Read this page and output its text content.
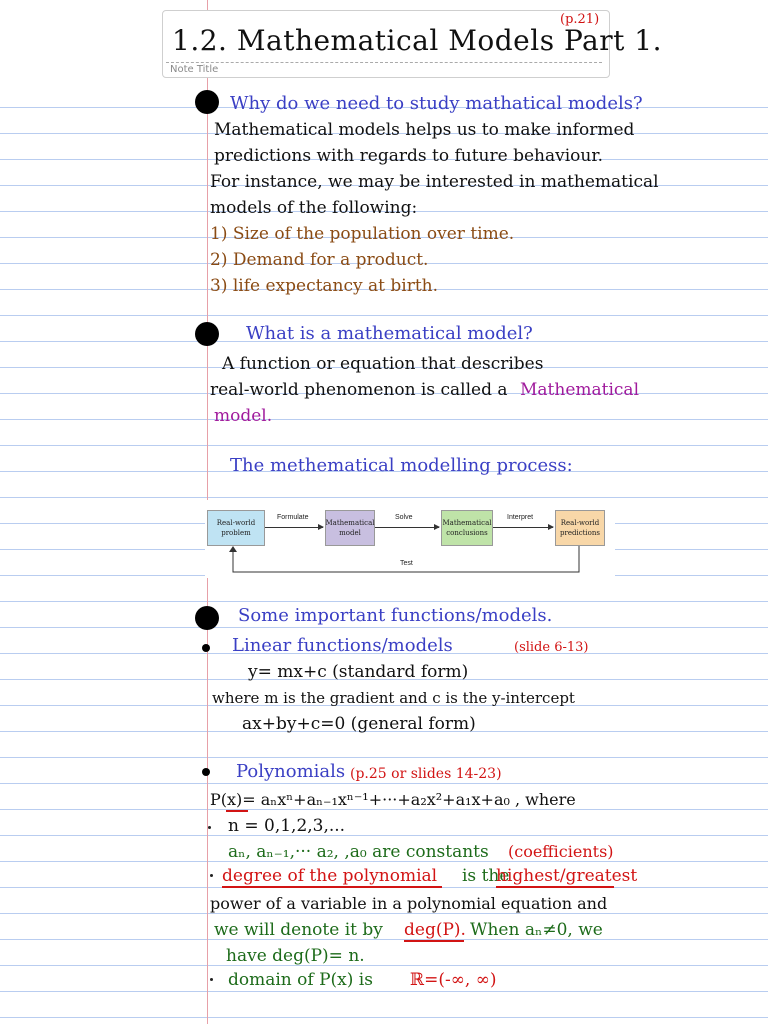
1.2. Mathematical Models Part 1.
(p.21)
Note Title
Why do we need to study mathatical models?
Mathematical models helps us to make informed
predictions with regards to future behaviour.
For instance, we may be interested in mathematical
models of the following:
1) Size of the population over time.
2) Demand for a product.
3) life expectancy at birth.
What is a mathematical model?
A function or equation that describes
real-world phenomenon is called a Mathematical
model.
The methematical modelling process:
Real-world problem
Formulate
Mathematical model
Solve
Mathematical conclusions
Interpret
Real-world predictions
Test
Some important functions/models.
Linear functions/models	(slide 6-13)
y= mx+c (standard form)
where m is the gradient and c is the y-intercept
ax+by+c=0 (general form)
Polynomials (p.25 or slides 14-23)
P(x)= aₙxⁿ+aₙ₋₁xⁿ⁻¹+···+a₂x²+a₁x+a₀ , where
n = 0,1,2,3,...
aₙ, aₙ₋₁,··· a₂, ,a₀ are constants (coefficients)
degree of the polynomial is the
highest/greatest
power of a variable in a polynomial equation and
we will denote it by deg(P). When aₙ≠0, we
have deg(P)= n.
domain of P(x) is ℝ=(-∞, ∞)
